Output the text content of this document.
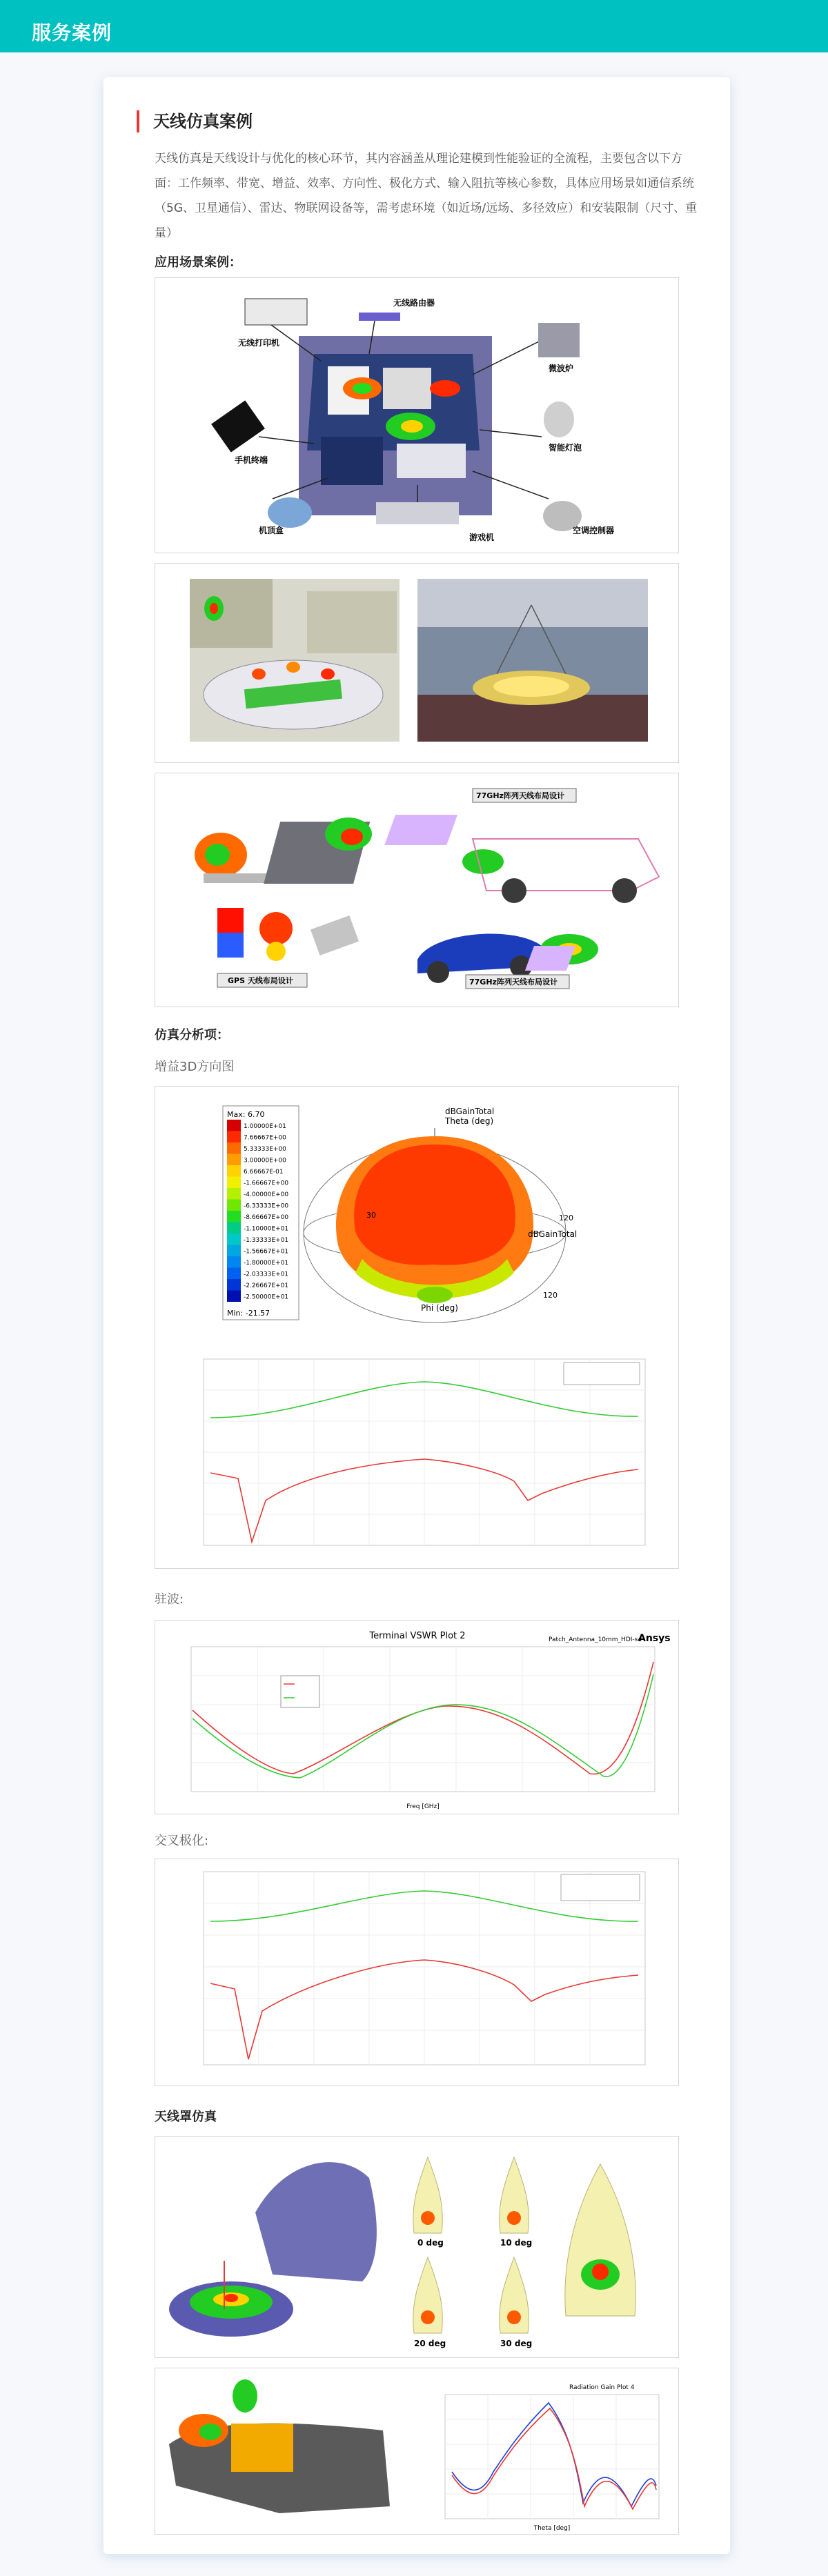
服务案例
天线仿真案例

天线仿真是天线设计与优化的核心环节，其内容涵盖从理论建模到性能验证的全流程，主要包含以下方面：工作频率、带宽、增益、效率、方向性、极化方式、输入阻抗等核心参数，具体应用场景如通信系统（5G、卫星通信）、雷达、物联网设备等，需考虑环境（如近场/远场、多径效应）和安装限制（尺寸、重量）

应用场景案例：
无线路由器
无线打印机
微波炉
智能灯泡
手机终端
机顶盒
游戏机
空调控制器
77GHz阵列天线布局设计
GPS 天线布局设计	77GHz阵列天线布局设计
仿真分析项：
增益3D方向图
Max: 6.70
1.00000E+01
7.66667E+00
5.33333E+00
3.00000E+00
6.66667E-01
-1.66667E+00
-4.00000E+00
-6.33333E+00
-8.66667E+00
-1.10000E+01
-1.33333E+01
-1.56667E+01
-1.80000E+01
-2.03333E+01
-2.26667E+01
-2.50000E+01
Min: -21.57
Theta (deg)
dBGainTotal
dBGainTotal
Phi (deg)
30	120
120
驻波:
Terminal VSWR Plot 2	Patch_Antenna_10mm_HDI-s4
Ansys
Freq [GHz]
交叉极化:
天线罩仿真
0 deg	10 deg
20 deg	30 deg
Radiation Gain Plot 4
Theta [deg]
